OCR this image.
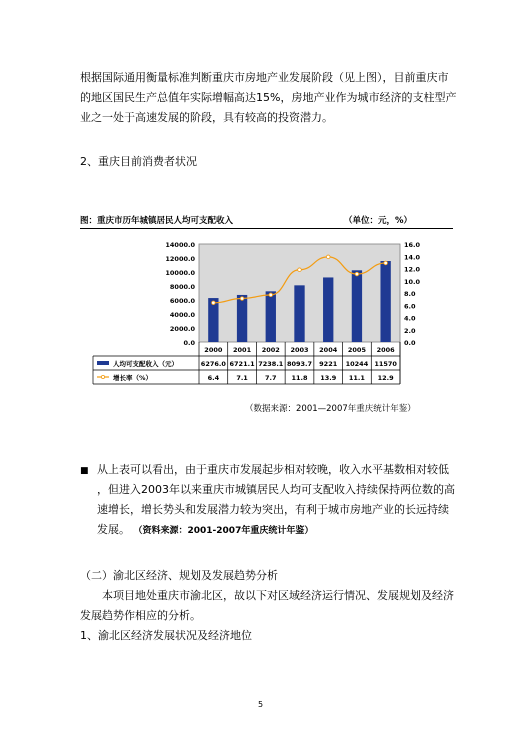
根据国际通用衡量标准判断重庆市房地产业发展阶段（见上图），目前重庆市
的地区国民生产总值年实际增幅高达15%，房地产业作为城市经济的支柱型产
业之一处于高速发展的阶段，具有较高的投资潜力。
2、重庆目前消费者状况
图：重庆市历年城镇居民人均可支配收入	（单位：元，%）
14000.0
12000.0
10000.0
8000.0
6000.0
4000.0
2000.0
0.0
16.0
14.0
12.0
10.0
8.0
6.0
4.0
2.0
0.0
2000 2001 2002 2003 2004 2005 2006
人均可支配收入（元）	6276.0 6721.1 7238.1 8093.7 9221 10244 11570
增长率（%）	6.4	7.1	7.7 11.8 13.9 11.1 12.9
（数据来源：2001—2007年重庆统计年鉴）
■ 从上表可以看出，由于重庆市发展起步相对较晚，收入水平基数相对较低
，但进入2003年以来重庆市城镇居民人均可支配收入持续保持两位数的高
速增长，增长势头和发展潜力较为突出，有利于城市房地产业的长远持续
发展。 （资料来源：2001-2007年重庆统计年鉴）
（二）渝北区经济、规划及发展趋势分析
本项目地处重庆市渝北区，故以下对区域经济运行情况、发展规划及经济
发展趋势作相应的分析。
1、渝北区经济发展状况及经济地位
5
